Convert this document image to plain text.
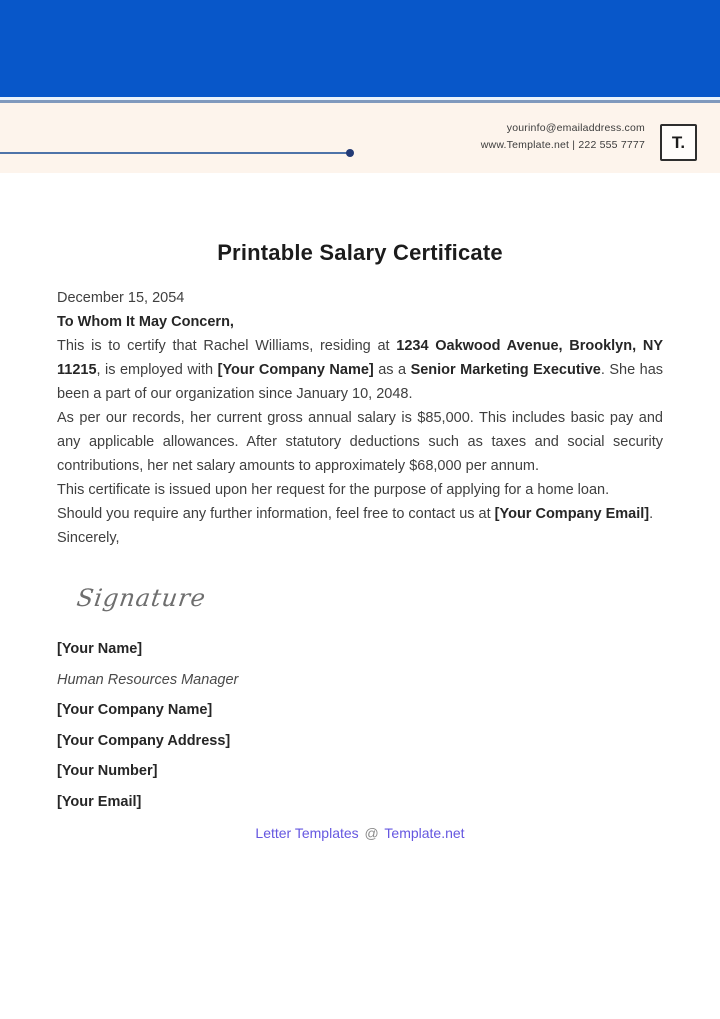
yourinfo@emailaddress.com
www.Template.net | 222 555 7777 T.
Printable Salary Certificate
December 15, 2054
To Whom It May Concern,

This is to certify that Rachel Williams, residing at 1234 Oakwood Avenue, Brooklyn, NY 11215, is employed with [Your Company Name] as a Senior Marketing Executive. She has been a part of our organization since January 10, 2048.

As per our records, her current gross annual salary is $85,000. This includes basic pay and any applicable allowances. After statutory deductions such as taxes and social security contributions, her net salary amounts to approximately $68,000 per annum.

This certificate is issued upon her request for the purpose of applying for a home loan.

Should you require any further information, feel free to contact us at [Your Company Email].

Sincerely,

Signature
[Your Name]
Human Resources Manager
[Your Company Name]
[Your Company Address]
[Your Number]
[Your Email]
Letter Templates @ Template.net
